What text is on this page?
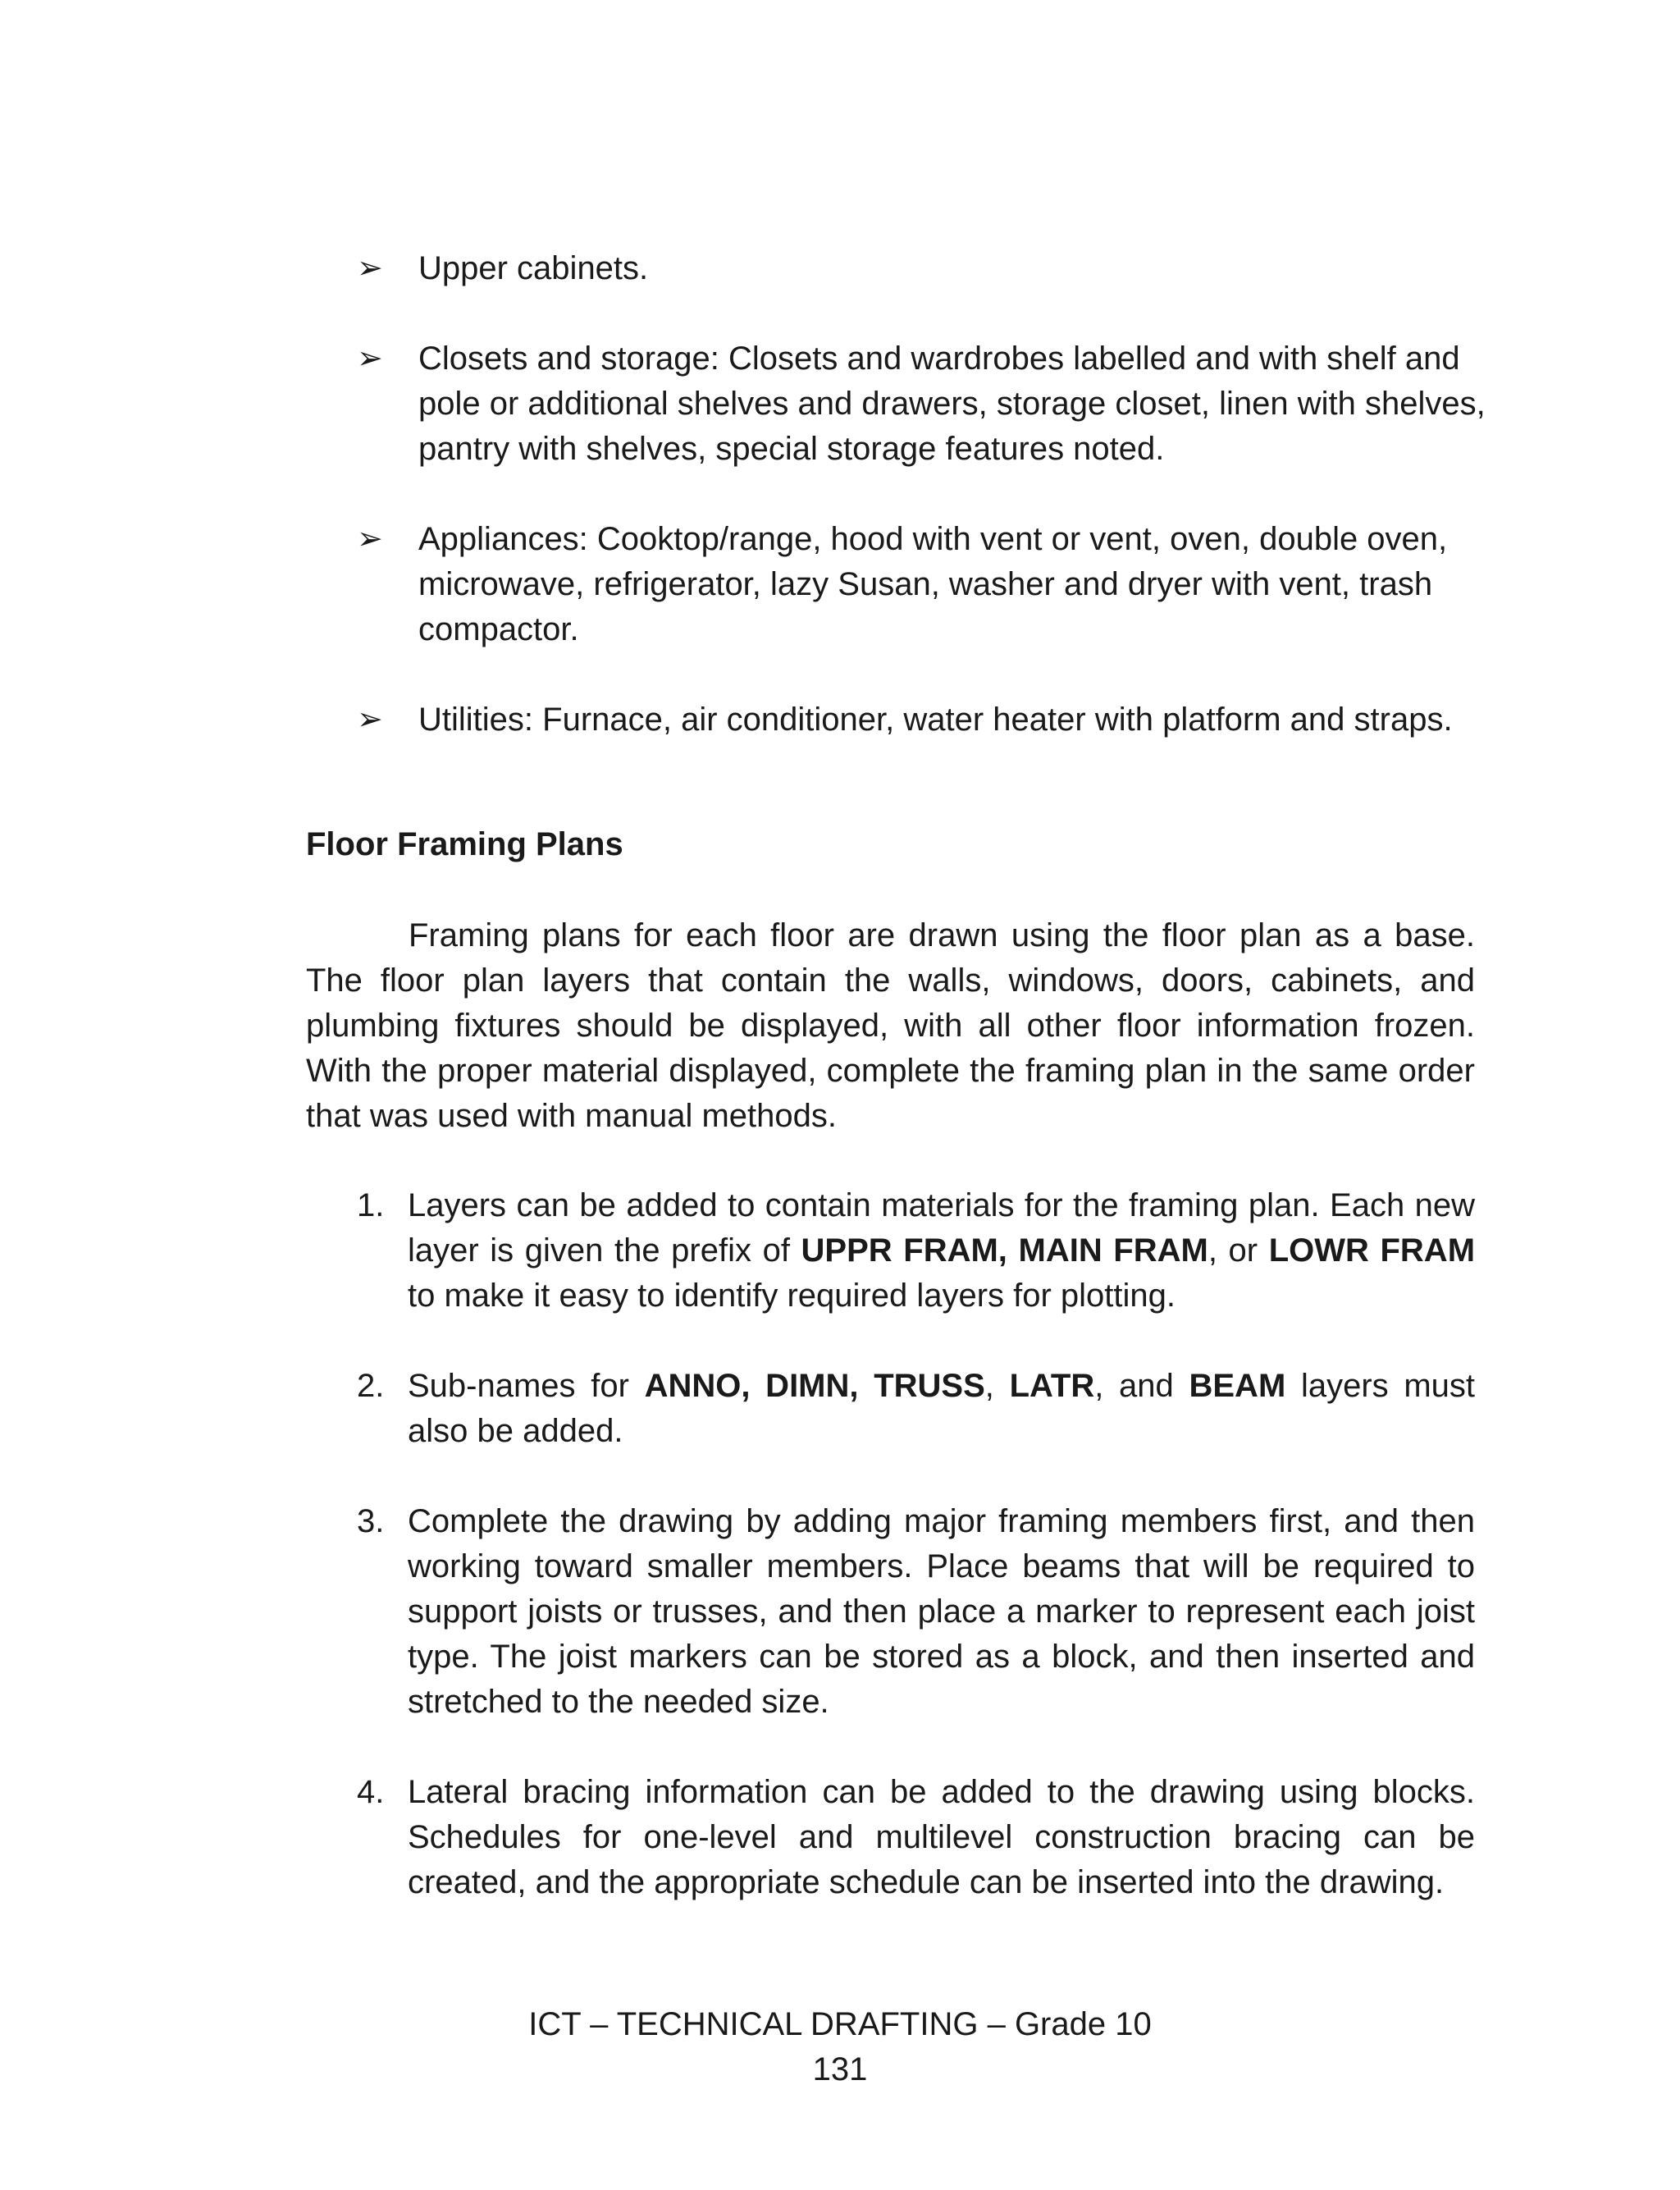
➢	Upper cabinets.
➢	Closets and storage: Closets and wardrobes labelled and with shelf and pole or additional shelves and drawers, storage closet, linen with shelves, pantry with shelves, special storage features noted.
➢	Appliances: Cooktop/range, hood with vent or vent, oven, double oven, microwave, refrigerator, lazy Susan, washer and dryer with vent, trash compactor.
➢	Utilities: Furnace, air conditioner, water heater with platform and straps.
Floor Framing Plans

Framing plans for each floor are drawn using the floor plan as a base. The floor plan layers that contain the walls, windows, doors, cabinets, and plumbing fixtures should be displayed, with all other floor information frozen. With the proper material displayed, complete the framing plan in the same order that was used with manual methods.

1. Layers can be added to contain materials for the framing plan. Each new layer is given the prefix of UPPR FRAM, MAIN FRAM, or LOWR FRAM to make it easy to identify required layers for plotting.
2. Sub-names for ANNO, DIMN, TRUSS, LATR, and BEAM layers must also be added.
3. Complete the drawing by adding major framing members first, and then working toward smaller members. Place beams that will be required to support joists or trusses, and then place a marker to represent each joist type. The joist markers can be stored as a block, and then inserted and stretched to the needed size.
4. Lateral bracing information can be added to the drawing using blocks. Schedules for one-level and multilevel construction bracing can be created, and the appropriate schedule can be inserted into the drawing.
ICT – TECHNICAL DRAFTING – Grade 10
131
